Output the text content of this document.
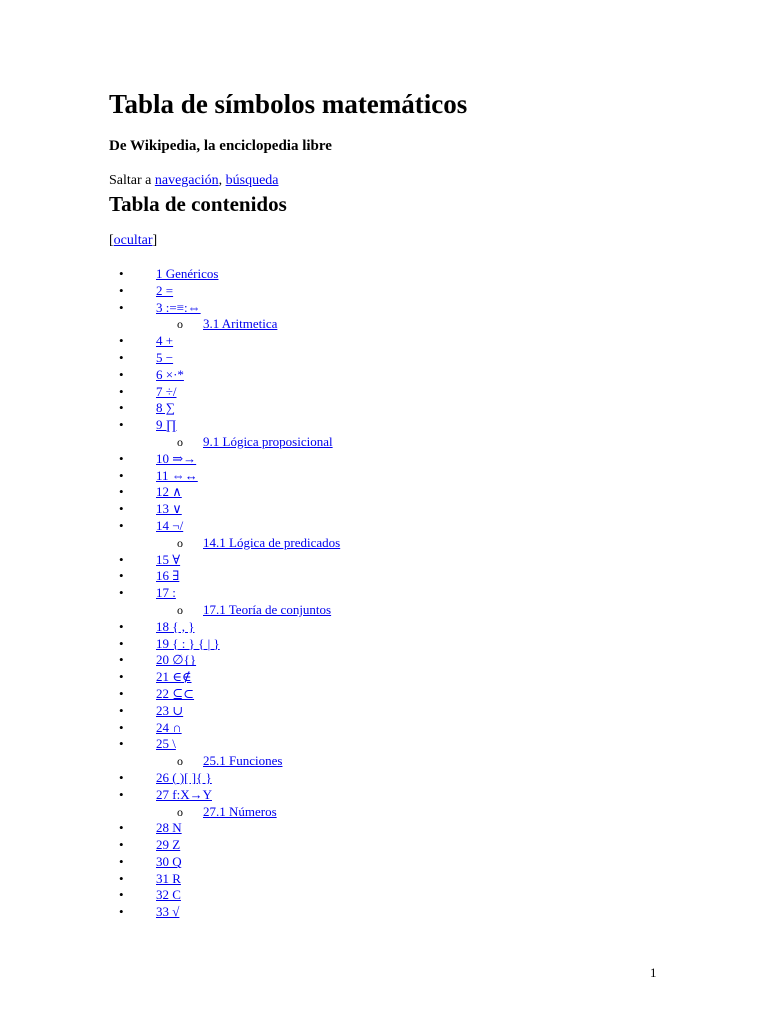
Tabla de símbolos matemáticos

De Wikipedia, la enciclopedia libre

Saltar a navegación, búsqueda
Tabla de contenidos
[ocultar]
• 1 Genéricos
• 2 =
• 3 :=≡:⇔
o 3.1 Aritmetica
• 4 +
• 5 −
• 6 ×·*
• 7 ÷/
• 8 ∑
• 9 ∏
o 9.1 Lógica proposicional
• 10 ⇒→
• 11 ⇔↔
• 12 ∧
• 13 ∨
• 14 ¬/
o 14.1 Lógica de predicados
• 15 ∀
• 16 ∃
• 17 :
o 17.1 Teoría de conjuntos
• 18 { , }
• 19 { : } { | }
• 20 ∅{}
• 21 ∈∉
• 22 ⊆⊂
• 23 ∪
• 24 ∩
• 25 \
o 25.1 Funciones
• 26 ( )[ ]{ }
• 27 f:X→Y
o 27.1 Números
• 28 N
• 29 Z
• 30 Q
• 31 R
• 32 C
• 33 √
1
